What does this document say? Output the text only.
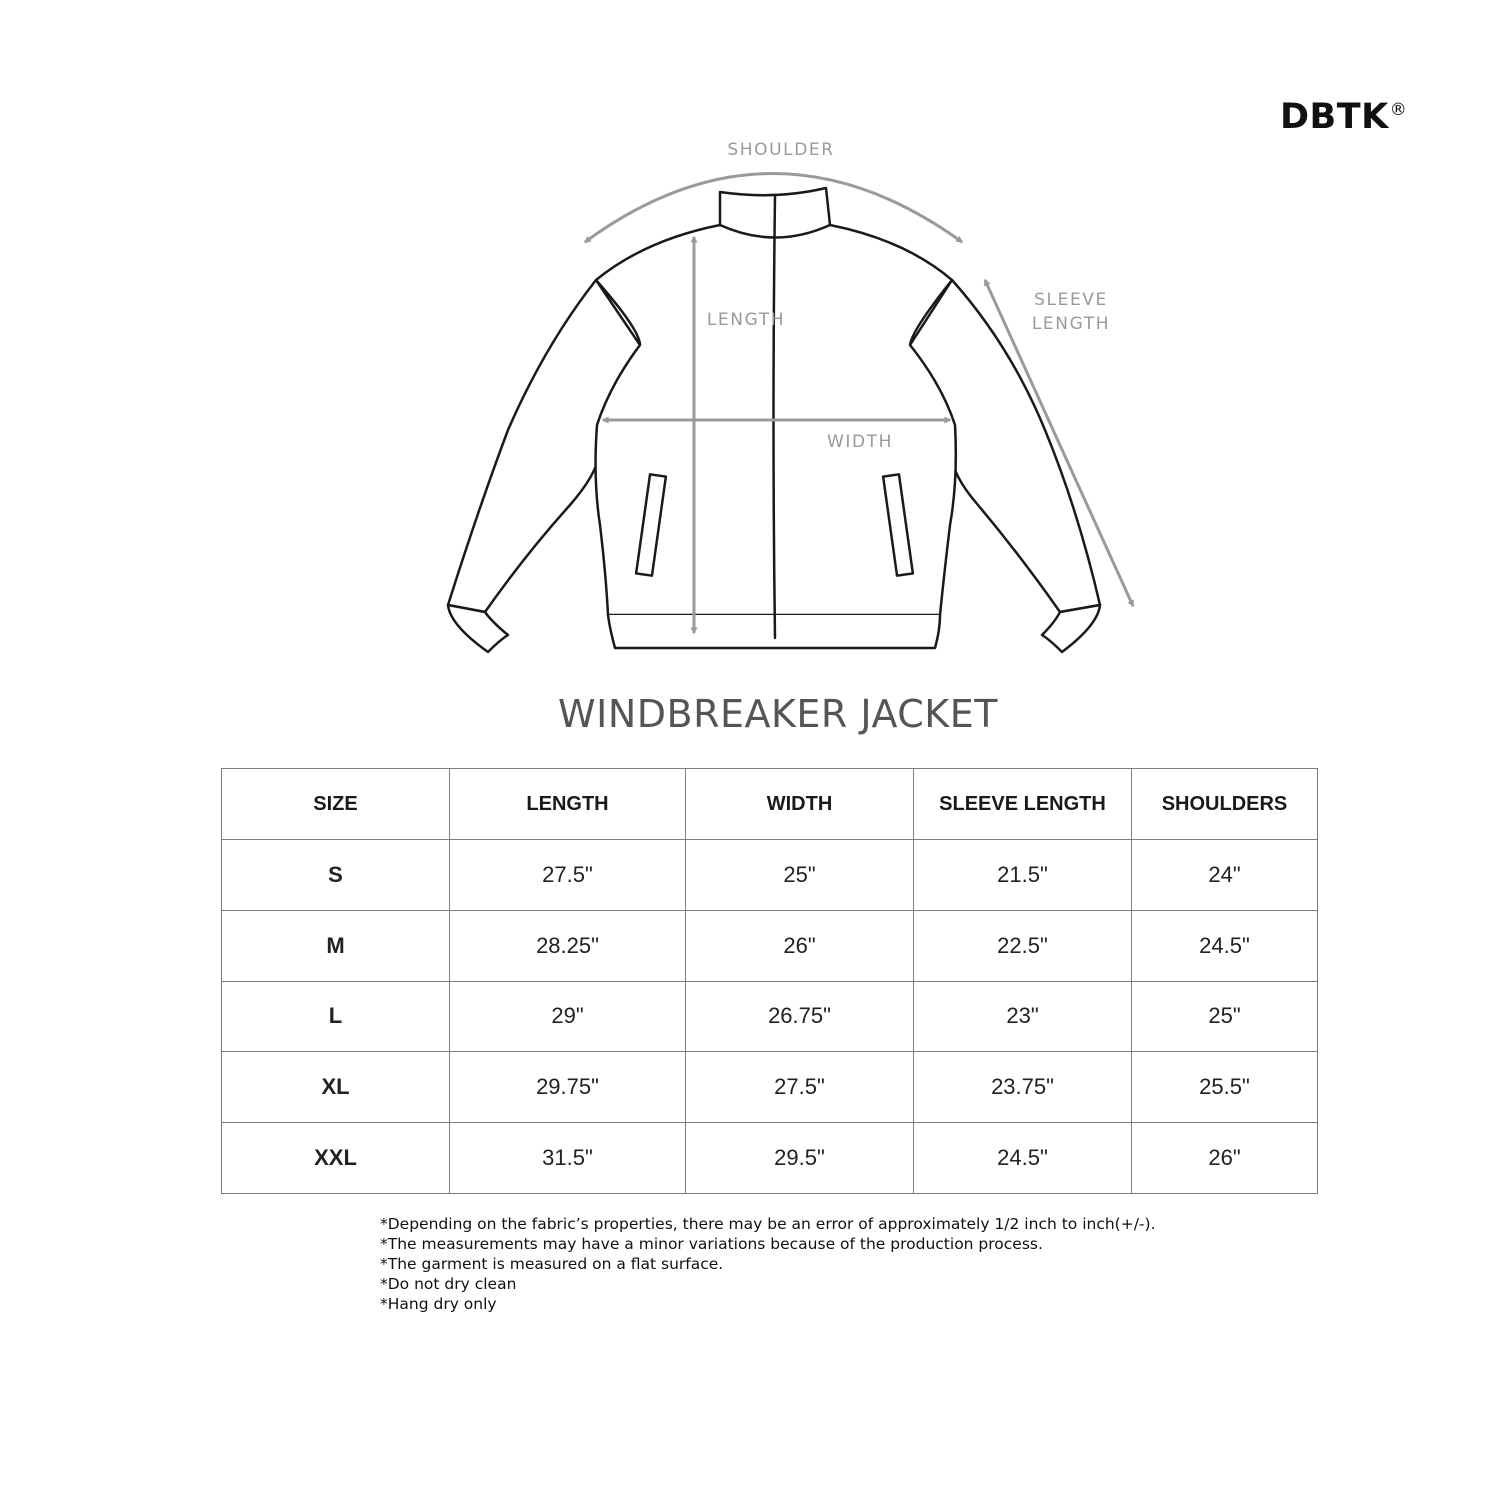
DBTK®
SHOULDER
LENGTH
WIDTH
SLEEVE
LENGTH
WINDBREAKER JACKET
SIZE	LENGTH	WIDTH	SLEEVE LENGTH	SHOULDERS
S	27.5"	25"	21.5"	24"
M	28.25"	26"	22.5"	24.5"
L	29"	26.75"	23"	25"
XL	29.75"	27.5"	23.75"	25.5"
XXL	31.5"	29.5"	24.5"	26"
*Depending on the fabric’s properties, there may be an error of approximately 1/2 inch to inch(+/-).
*The measurements may have a minor variations because of the production process.
*The garment is measured on a flat surface.
*Do not dry clean
*Hang dry only
